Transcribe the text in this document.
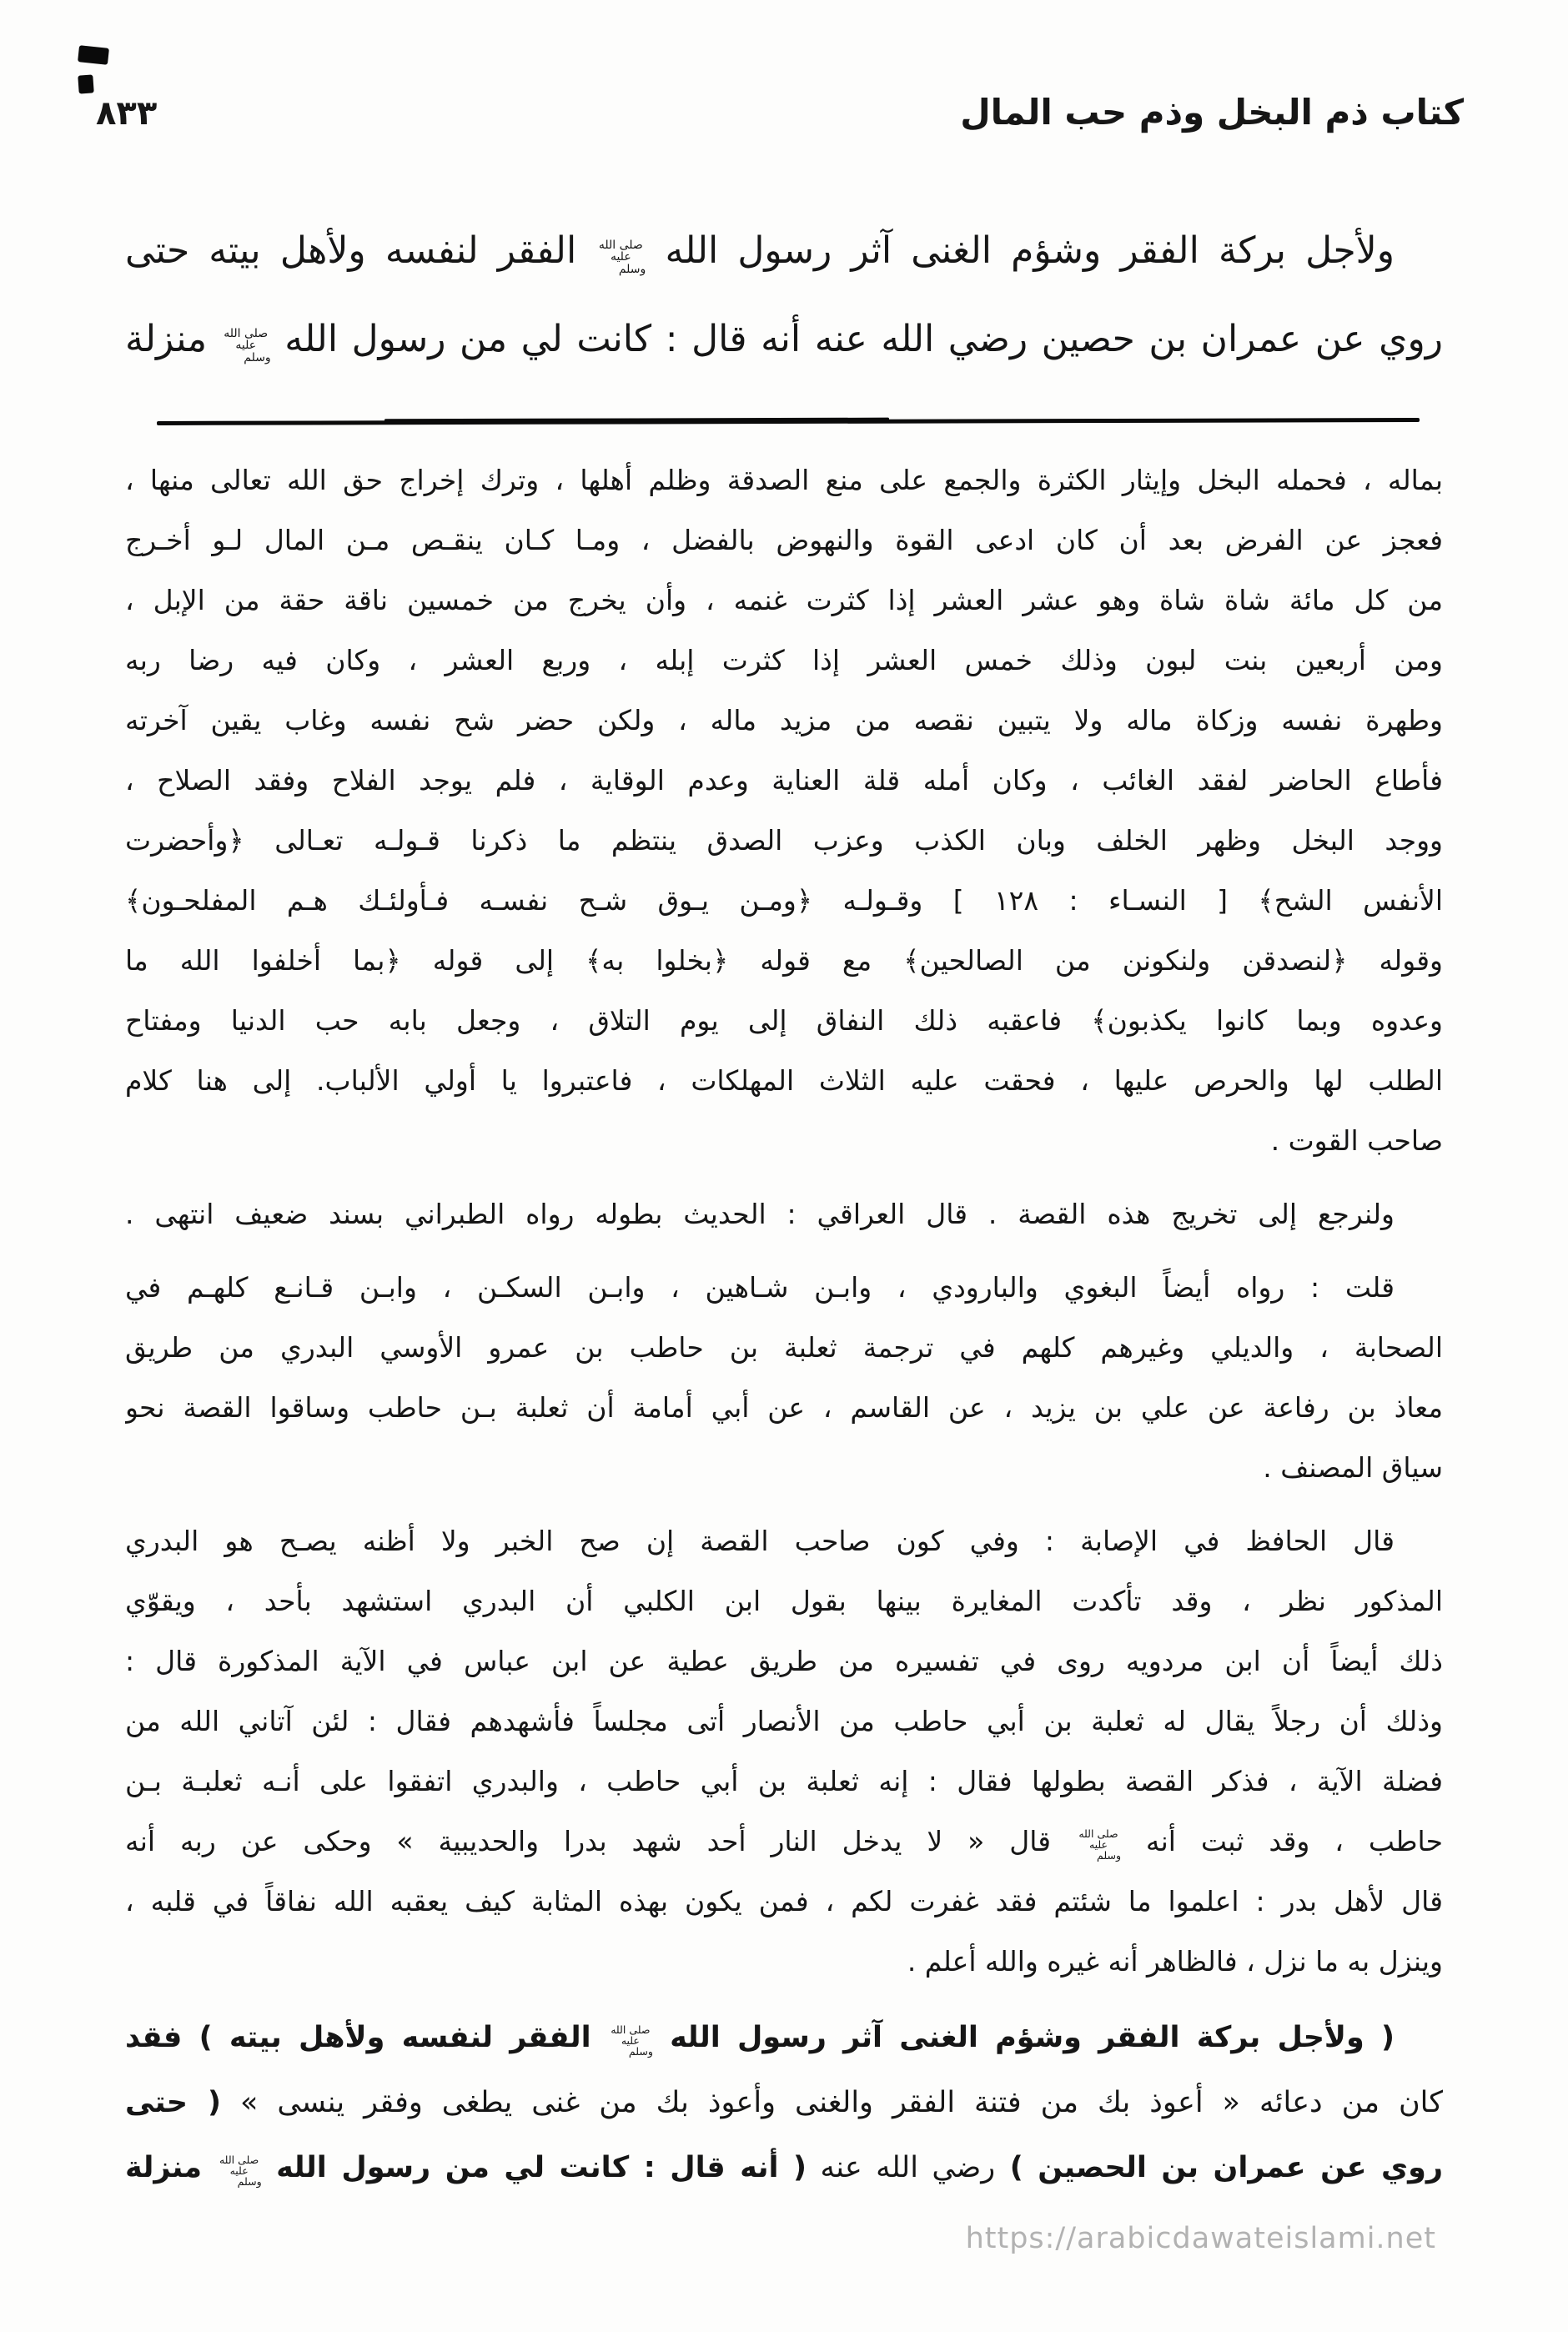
٨٣٣	كتاب ذم البخل وذم حب المال
ولأجل بركة الفقر وشؤم الغنى آثر رسول الله صلى الله عليه وسلم الفقر لنفسه ولأهل بيته حتى
روي عن عمران بن حصين رضي الله عنه أنه قال : كانت لي من رسول الله صلى الله عليه وسلم منزلة
بماله ، فحمله البخل وإيثار الكثرة والجمع على منع الصدقة وظلم أهلها ، وترك إخراج حق الله تعالى منها ،
فعجز عن الفرض بعد أن كان ادعى القوة والنهوض بالفضل ، ومـا كـان ينقـص مـن المال لـو أخـرج
من كل مائة شاة شاة وهو عشر العشر إذا كثرت غنمه ، وأن يخرج من خمسين ناقة حقة من الإبل ،
ومن أربعين بنت لبون وذلك خمس العشر إذا كثرت إبله ، وربع العشر ، وكان فيه رضا ربه
وطهرة نفسه وزكاة ماله ولا يتبين نقصه من مزيد ماله ، ولكن حضر شح نفسه وغاب يقين آخرته
فأطاع الحاضر لفقد الغائب ، وكان أمله قلة العناية وعدم الوقاية ، فلم يوجد الفلاح وفقد الصلاح ،
ووجد البخل وظهر الخلف وبان الكذب وعزب الصدق ينتظم ما ذكرنا قـولـه تعـالى ﴿وأحضرت
الأنفس الشح﴾ [ النسـاء : ١٢٨ ] وقـولـه ﴿ومـن يـوق شـح نفسـه فـأولئـك هـم المفلحـون﴾
وقوله ﴿لنصدقن ولنكونن من الصالحين﴾ مع قوله ﴿بخلوا به﴾ إلى قوله ﴿بما أخلفوا الله ما
وعدوه وبما كانوا يكذبون﴾ فاعقبه ذلك النفاق إلى يوم التلاق ، وجعل بابه حب الدنيا ومفتاح
الطلب لها والحرص عليها ، فحقت عليه الثلاث المهلكات ، فاعتبروا يا أولي الألباب. إلى هنا كلام
صاحب القوت .
ولنرجع إلى تخريج هذه القصة . قال العراقي : الحديث بطوله رواه الطبراني بسند ضعيف انتهى .
قلت : رواه أيضاً البغوي والبارودي ، وابـن شـاهين ، وابـن السكـن ، وابـن قـانـع كلهـم في
الصحابة ، والديلي وغيرهم كلهم في ترجمة ثعلبة بن حاطب بن عمرو الأوسي البدري من طريق
معاذ بن رفاعة عن علي بن يزيد ، عن القاسم ، عن أبي أمامة أن ثعلبة بـن حاطب وساقوا القصة نحو
سياق المصنف .
قال الحافظ في الإصابة : وفي كون صاحب القصة إن صح الخبر ولا أظنه يصـح هو البدري
المذكور نظر ، وقد تأكدت المغايرة بينها بقول ابن الكلبي أن البدري استشهد بأحد ، ويقوّي
ذلك أيضاً أن ابن مردويه روى في تفسيره من طريق عطية عن ابن عباس في الآية المذكورة قال :
وذلك أن رجلاً يقال له ثعلبة بن أبي حاطب من الأنصار أتى مجلساً فأشهدهم فقال : لئن آتاني الله من
فضلة الآية ، فذكر القصة بطولها فقال : إنه ثعلبة بن أبي حاطب ، والبدري اتفقوا على أنـه ثعلبـة بـن
حاطب ، وقد ثبت أنه صلى الله عليه وسلم قال « لا يدخل النار أحد شهد بدرا والحديبية » وحكى عن ربه أنه
قال لأهل بدر : اعلموا ما شئتم فقد غفرت لكم ، فمن يكون بهذه المثابة كيف يعقبه الله نفاقاً في قلبه ،
وينزل به ما نزل ، فالظاهر أنه غيره والله أعلم .
( ولأجل بركة الفقر وشؤم الغنى آثر رسول الله صلى الله عليه وسلم الفقر لنفسه ولأهل بيته ) فقد
كان من دعائه « أعوذ بك من فتنة الفقر والغنى وأعوذ بك من غنى يطغى وفقر ينسى » ( حتى
روي عن عمران بن الحصين ) رضي الله عنه ( أنه قال : كانت لي من رسول الله صلى الله عليه وسلم منزلة
https://arabicdawateislami.net
